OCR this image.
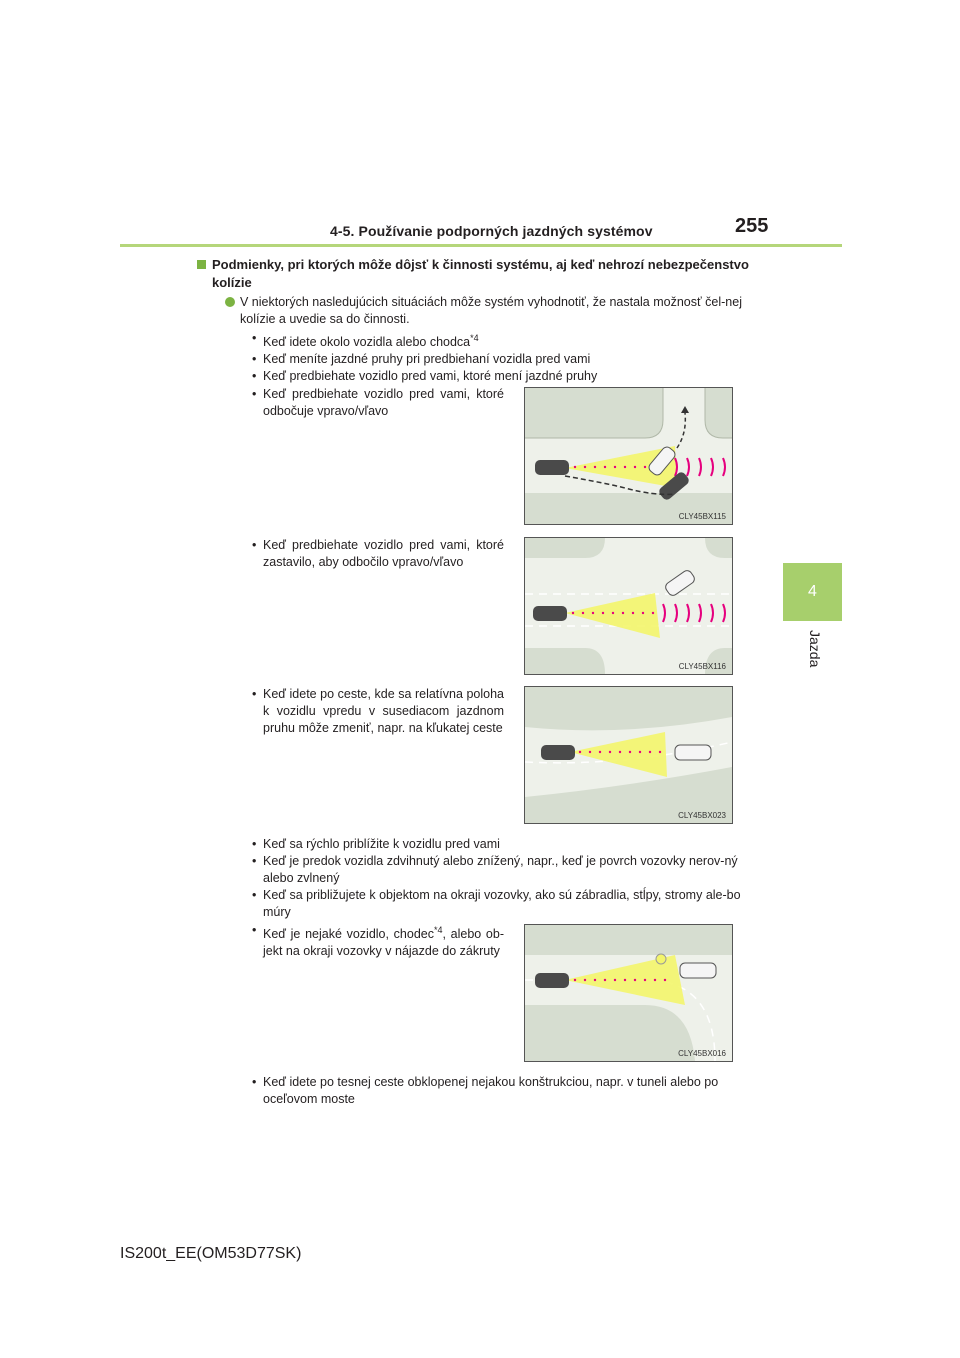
4-5. Používanie podporných jazdných systémov	255
4
Jazda
Podmienky, pri ktorých môže dôjsť k činnosti systému, aj keď nehrozí nebezpečenstvo kolízie
V niektorých nasledujúcich situáciách môže systém vyhodnotiť, že nastala možnosť čel-nej kolízie a uvedie sa do činnosti.
• Keď idete okolo vozidla alebo chodca$^{*4}$
• Keď meníte jazdné pruhy pri predbiehaní vozidla pred vami
• Keď predbiehate vozidlo pred vami, ktoré mení jazdné pruhy
• Keď predbiehate vozidlo pred vami, ktoré odbočuje vpravo/vľavo
CLY45BX115
• Keď predbiehate vozidlo pred vami, ktoré zastavilo, aby odbočilo vpravo/vľavo
CLY45BX116
• Keď idete po ceste, kde sa relatívna poloha k vozidlu vpredu v susediacom jazdnom pruhu môže zmeniť, napr. na kľukatej ceste
CLY45BX023
• Keď sa rýchlo priblížite k vozidlu pred vami
• Keď je predok vozidla zdvihnutý alebo znížený, napr., keď je povrch vozovky nerov-ný alebo zvlnený
• Keď sa približujete k objektom na okraji vozovky, ako sú zábradlia, stĺpy, stromy ale-bo múry
• Keď je nejaké vozidlo, chodec$^{*4}$, alebo ob-jekt na okraji vozovky v nájazde do zákruty
CLY45BX016
• Keď idete po tesnej ceste obklopenej nejakou konštrukciou, napr. v tuneli alebo po oceľovom moste
IS200t_EE(OM53D77SK)
